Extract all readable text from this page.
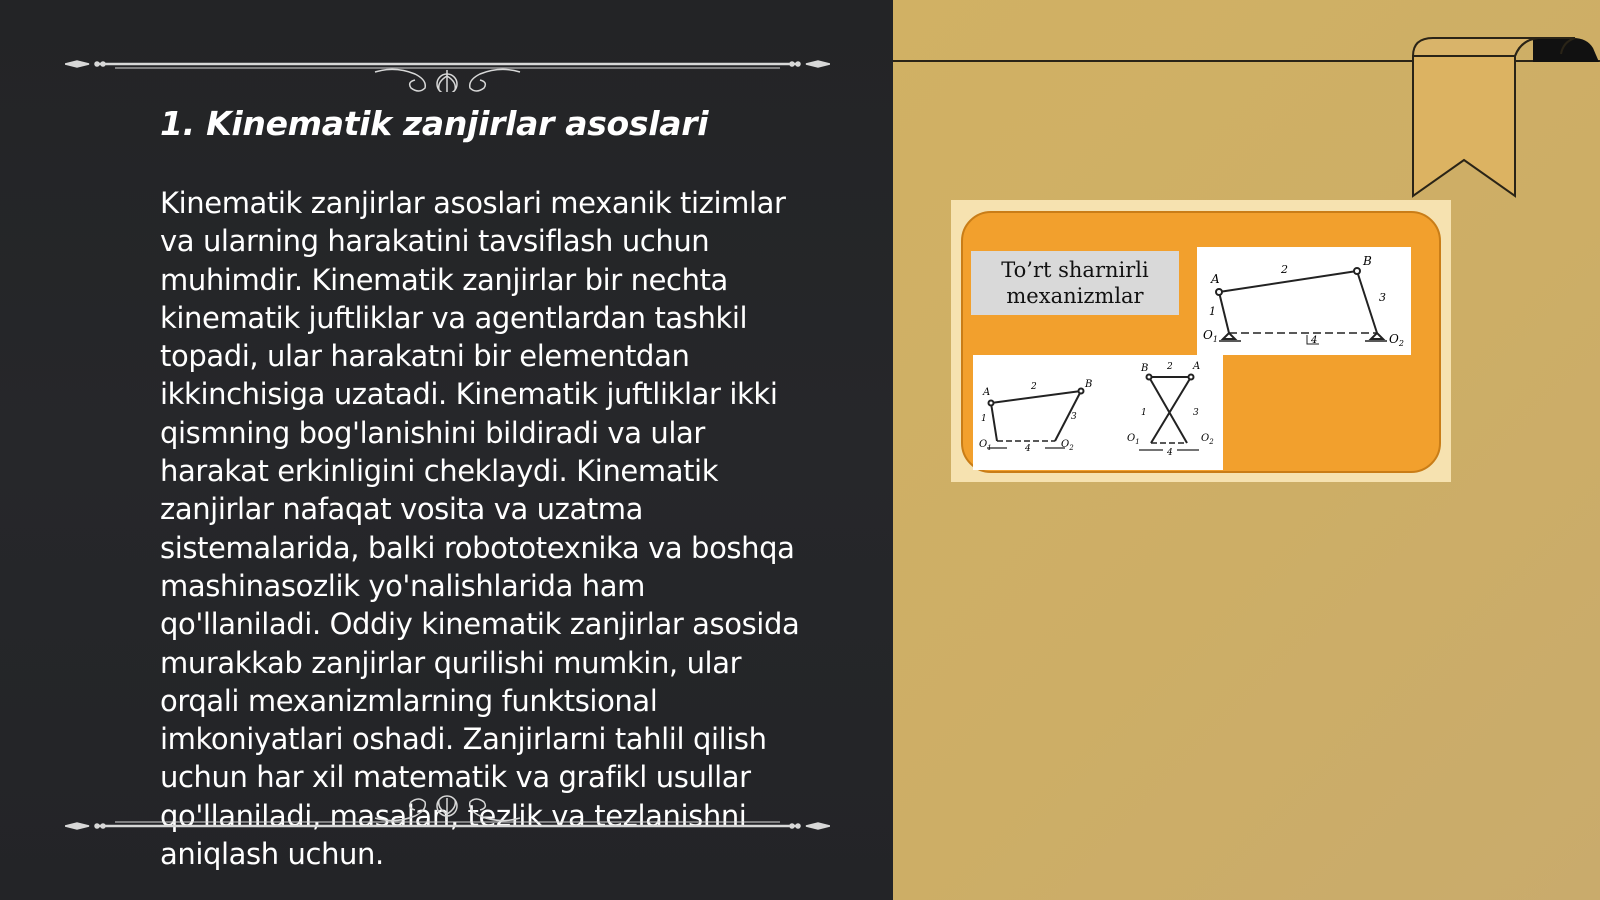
1. Kinematik zanjirlar asoslari
Kinematik zanjirlar asoslari mexanik tizimlar
va ularning harakatini tavsiflash uchun
muhimdir. Kinematik zanjirlar bir nechta
kinematik juftliklar va agentlardan tashkil
topadi, ular harakatni bir elementdan
ikkinchisiga uzatadi. Kinematik juftliklar ikki
qismning bog'lanishini bildiradi va ular
harakat erkinligini cheklaydi. Kinematik
zanjirlar nafaqat vosita va uzatma
sistemalarida, balki robototexnika va boshqa
mashinasozlik yo'nalishlarida ham
qo'llaniladi. Oddiy kinematik zanjirlar asosida
murakkab zanjirlar qurilishi mumkin, ular
orqali mexanizmlarning funktsional
imkoniyatlari oshadi. Zanjirlarni tahlil qilish
uchun har xil matematik va grafikl usullar
qo'llaniladi, masalan, tezlik va tezlanishni
aniqlash uchun.
To’rt sharnirli
mexanizmlar
A
B
1
2
3
4
$O_1$	$O_2$
A
B
1
2
3
4
$O_1$	$O_2$
B	A
2
1	3
4
$O_1$	$O_2$
